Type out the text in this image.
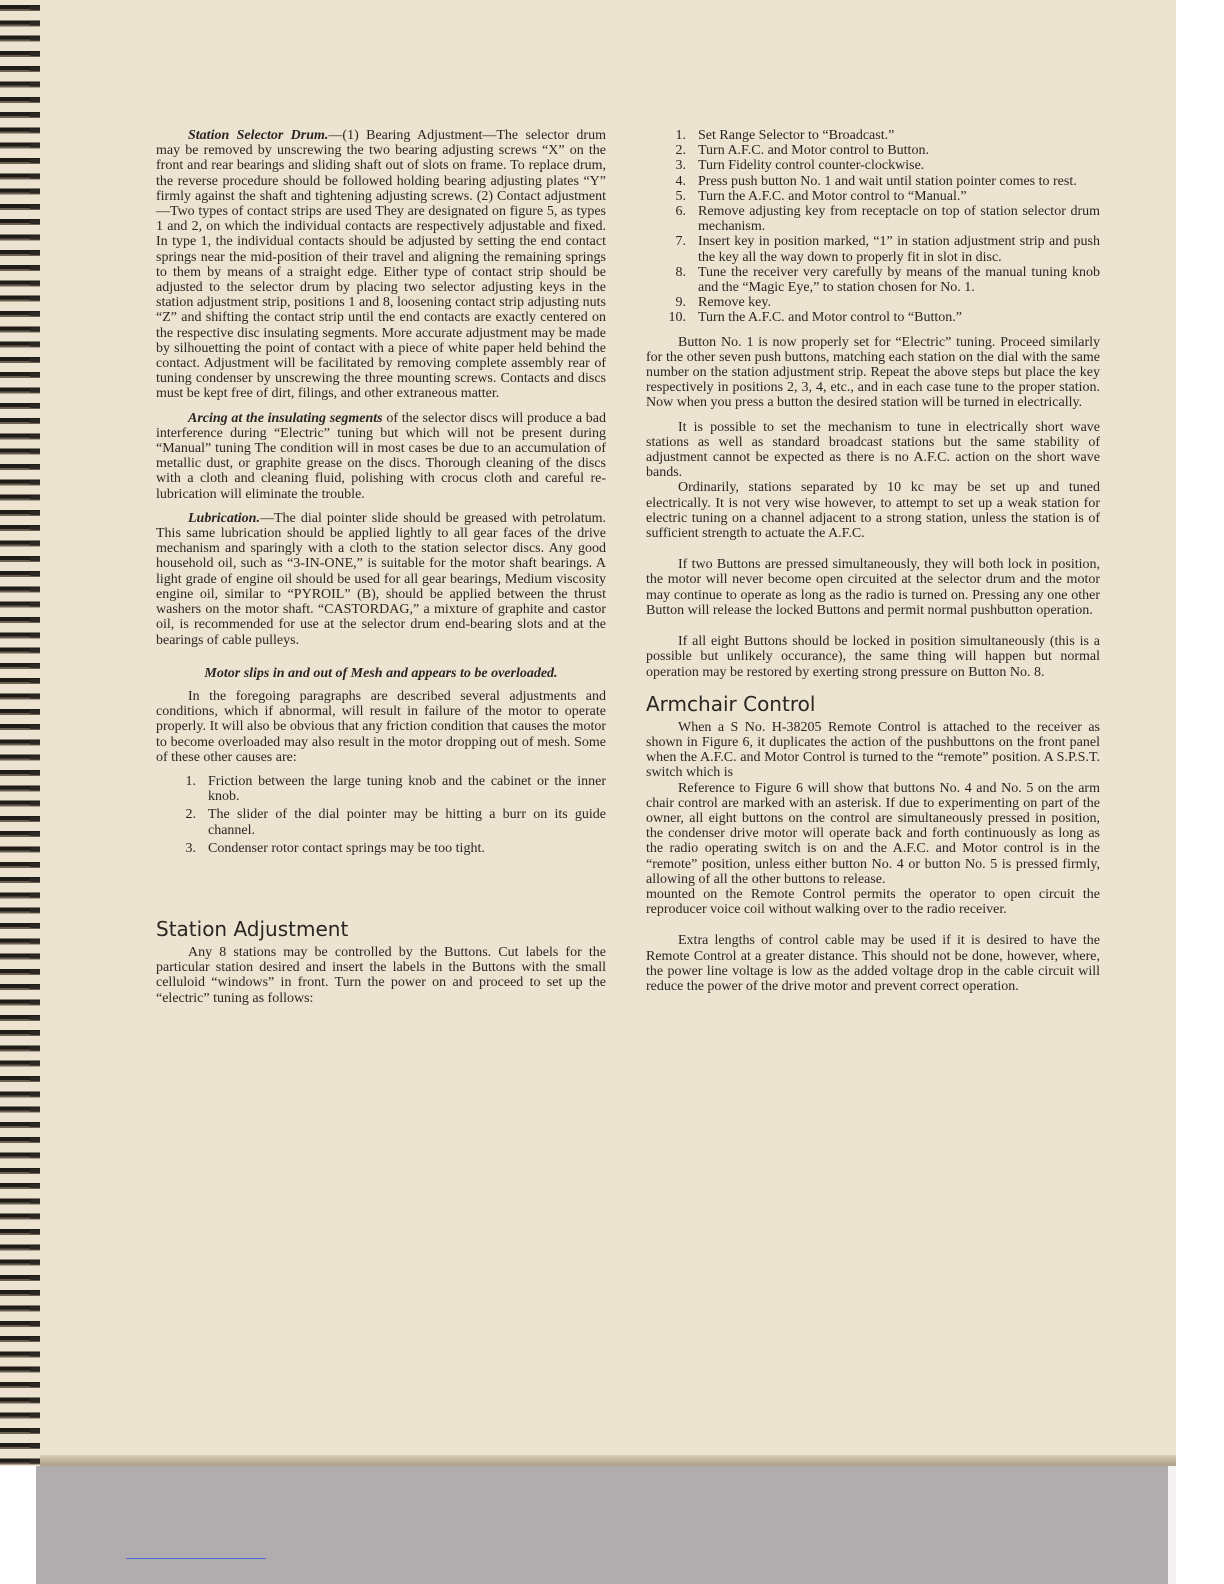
Station Selector Drum.—(1) Bearing Adjustment—The selector drum may be removed by unscrewing the two bearing adjusting screws “X” on the front and rear bearings and sliding shaft out of slots on frame. To replace drum, the reverse procedure should be followed holding bearing adjusting plates “Y” firmly against the shaft and tightening adjusting screws. (2) Contact adjustment—Two types of contact strips are used They are designated on figure 5, as types 1 and 2, on which the individual contacts are respectively adjustable and fixed. In type 1, the individual contacts should be adjusted by setting the end contact springs near the mid-position of their travel and aligning the remaining springs to them by means of a straight edge. Either type of contact strip should be adjusted to the selector drum by placing two selector adjusting keys in the station adjustment strip, positions 1 and 8, loosening contact strip adjusting nuts “Z” and shifting the contact strip until the end contacts are exactly centered on the respective disc insulating segments. More accurate adjustment may be made by silhouetting the point of contact with a piece of white paper held behind the contact. Adjustment will be facilitated by removing complete assembly rear of tuning condenser by unscrewing the three mounting screws. Contacts and discs must be kept free of dirt, filings, and other extraneous matter.

Arcing at the insulating segments of the selector discs will produce a bad interference during “Electric” tuning but which will not be present during “Manual” tuning The condition will in most cases be due to an accumulation of metallic dust, or graphite grease on the discs. Thorough cleaning of the discs with a cloth and cleaning fluid, polishing with crocus cloth and careful re-lubrication will eliminate the trouble.

Lubrication.—The dial pointer slide should be greased with petrolatum. This same lubrication should be applied lightly to all gear faces of the drive mechanism and sparingly with a cloth to the station selector discs. Any good household oil, such as “3-IN-ONE,” is suitable for the motor shaft bearings. A light grade of engine oil should be used for all gear bearings, Medium viscosity engine oil, similar to “PYROIL” (B), should be applied between the thrust washers on the motor shaft. “CASTORDAG,” a mixture of graphite and castor oil, is recommended for use at the selector drum end-bearing slots and at the bearings of cable pulleys.

Motor slips in and out of Mesh and appears to be overloaded.

In the foregoing paragraphs are described several adjustments and conditions, which if abnormal, will result in failure of the motor to operate properly. It will also be obvious that any friction condition that causes the motor to become overloaded may also result in the motor dropping out of mesh. Some of these other causes are:

1. Friction between the large tuning knob and the cabinet or the inner knob.
2. The slider of the dial pointer may be hitting a burr on its guide channel.
3. Condenser rotor contact springs may be too tight.
Station Adjustment

Any 8 stations may be controlled by the Buttons. Cut labels for the particular station desired and insert the labels in the Buttons with the small celluloid “windows” in front. Turn the power on and proceed to set up the “electric” tuning as follows:

1. Set Range Selector to “Broadcast.”
2. Turn A.F.C. and Motor control to Button.
3. Turn Fidelity control counter-clockwise.
4. Press push button No. 1 and wait until station pointer comes to rest.
5. Turn the A.F.C. and Motor control to “Manual.”
6. Remove adjusting key from receptacle on top of station selector drum mechanism.
7. Insert key in position marked, “1” in station adjustment strip and push the key all the way down to properly fit in slot in disc.
8. Tune the receiver very carefully by means of the manual tuning knob and the “Magic Eye,” to station chosen for No. 1.
9. Remove key.
10. Turn the A.F.C. and Motor control to “Button.”

Button No. 1 is now properly set for “Electric” tuning. Proceed similarly for the other seven push buttons, matching each station on the dial with the same number on the station adjustment strip. Repeat the above steps but place the key respectively in positions 2, 3, 4, etc., and in each case tune to the proper station. Now when you press a button the desired station will be turned in electrically.

It is possible to set the mechanism to tune in electrically short wave stations as well as standard broadcast stations but the same stability of adjustment cannot be expected as there is no A.F.C. action on the short wave bands.

Ordinarily, stations separated by 10 kc may be set up and tuned electrically. It is not very wise however, to attempt to set up a weak station for electric tuning on a channel adjacent to a strong station, unless the station is of sufficient strength to actuate the A.F.C.

If two Buttons are pressed simultaneously, they will both lock in position, the motor will never become open circuited at the selector drum and the motor may continue to operate as long as the radio is turned on. Pressing any one other Button will release the locked Buttons and permit normal pushbutton operation.

If all eight Buttons should be locked in position simultaneously (this is a possible but unlikely occurance), the same thing will happen but normal operation may be restored by exerting strong pressure on Button No. 8.

Armchair Control

When a S No. H-38205 Remote Control is attached to the receiver as shown in Figure 6, it duplicates the action of the pushbuttons on the front panel when the A.F.C. and Motor Control is turned to the “remote” position. A S.P.S.T. switch which is

Reference to Figure 6 will show that buttons No. 4 and No. 5 on the arm chair control are marked with an asterisk. If due to experimenting on part of the owner, all eight buttons on the control are simultaneously pressed in position, the condenser drive motor will operate back and forth continuously as long as the radio operating switch is on and the A.F.C. and Motor control is in the “remote” position, unless either button No. 4 or button No. 5 is pressed firmly, allowing of all the other buttons to release.

mounted on the Remote Control permits the operator to open circuit the reproducer voice coil without walking over to the radio receiver.

Extra lengths of control cable may be used if it is desired to have the Remote Control at a greater distance. This should not be done, however, where, the power line voltage is low as the added voltage drop in the cable circuit will reduce the power of the drive motor and prevent correct operation.
